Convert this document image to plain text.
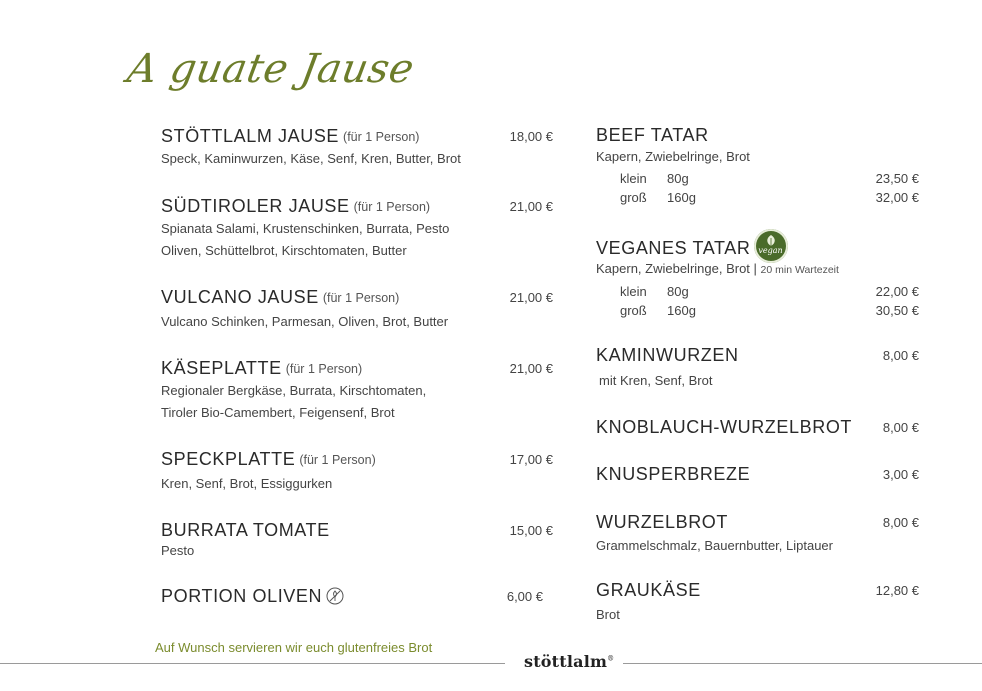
A guate Jause
STÖTTLALM JAUSE (für 1 Person)	18,00 €
Speck, Kaminwurzen, Käse, Senf, Kren, Butter, Brot
SÜDTIROLER JAUSE (für 1 Person)	21,00 €
Spianata Salami, Krustenschinken, Burrata, Pesto
Oliven, Schüttelbrot, Kirschtomaten, Butter
VULCANO JAUSE (für 1 Person)	21,00 €
Vulcano Schinken, Parmesan, Oliven, Brot, Butter
KÄSEPLATTE (für 1 Person)	21,00 €
Regionaler Bergkäse, Burrata, Kirschtomaten,
Tiroler Bio-Camembert, Feigensenf, Brot
SPECKPLATTE (für 1 Person)	17,00 €
Kren, Senf, Brot, Essiggurken
BURRATA TOMATE	15,00 €
Pesto
PORTION OLIVEN	6,00 €
BEEF TATAR
Kapern, Zwiebelringe, Brot
klein 80g	23,50 €
groß 160g	32,00 €
VEGANES TATAR vegan
Kapern, Zwiebelringe, Brot | 20 min Wartezeit
klein 80g	22,00 €
groß 160g	30,50 €
KAMINWURZEN	8,00 €
mit Kren, Senf, Brot
KNOBLAUCH-WURZELBROT 8,00 €
KNUSPERBREZE	3,00 €
WURZELBROT	8,00 €
Grammelschmalz, Bauernbutter, Liptauer
GRAUKÄSE	12,80 €
Brot
Auf Wunsch servieren wir euch glutenfreies Brot
stöttlalm®
